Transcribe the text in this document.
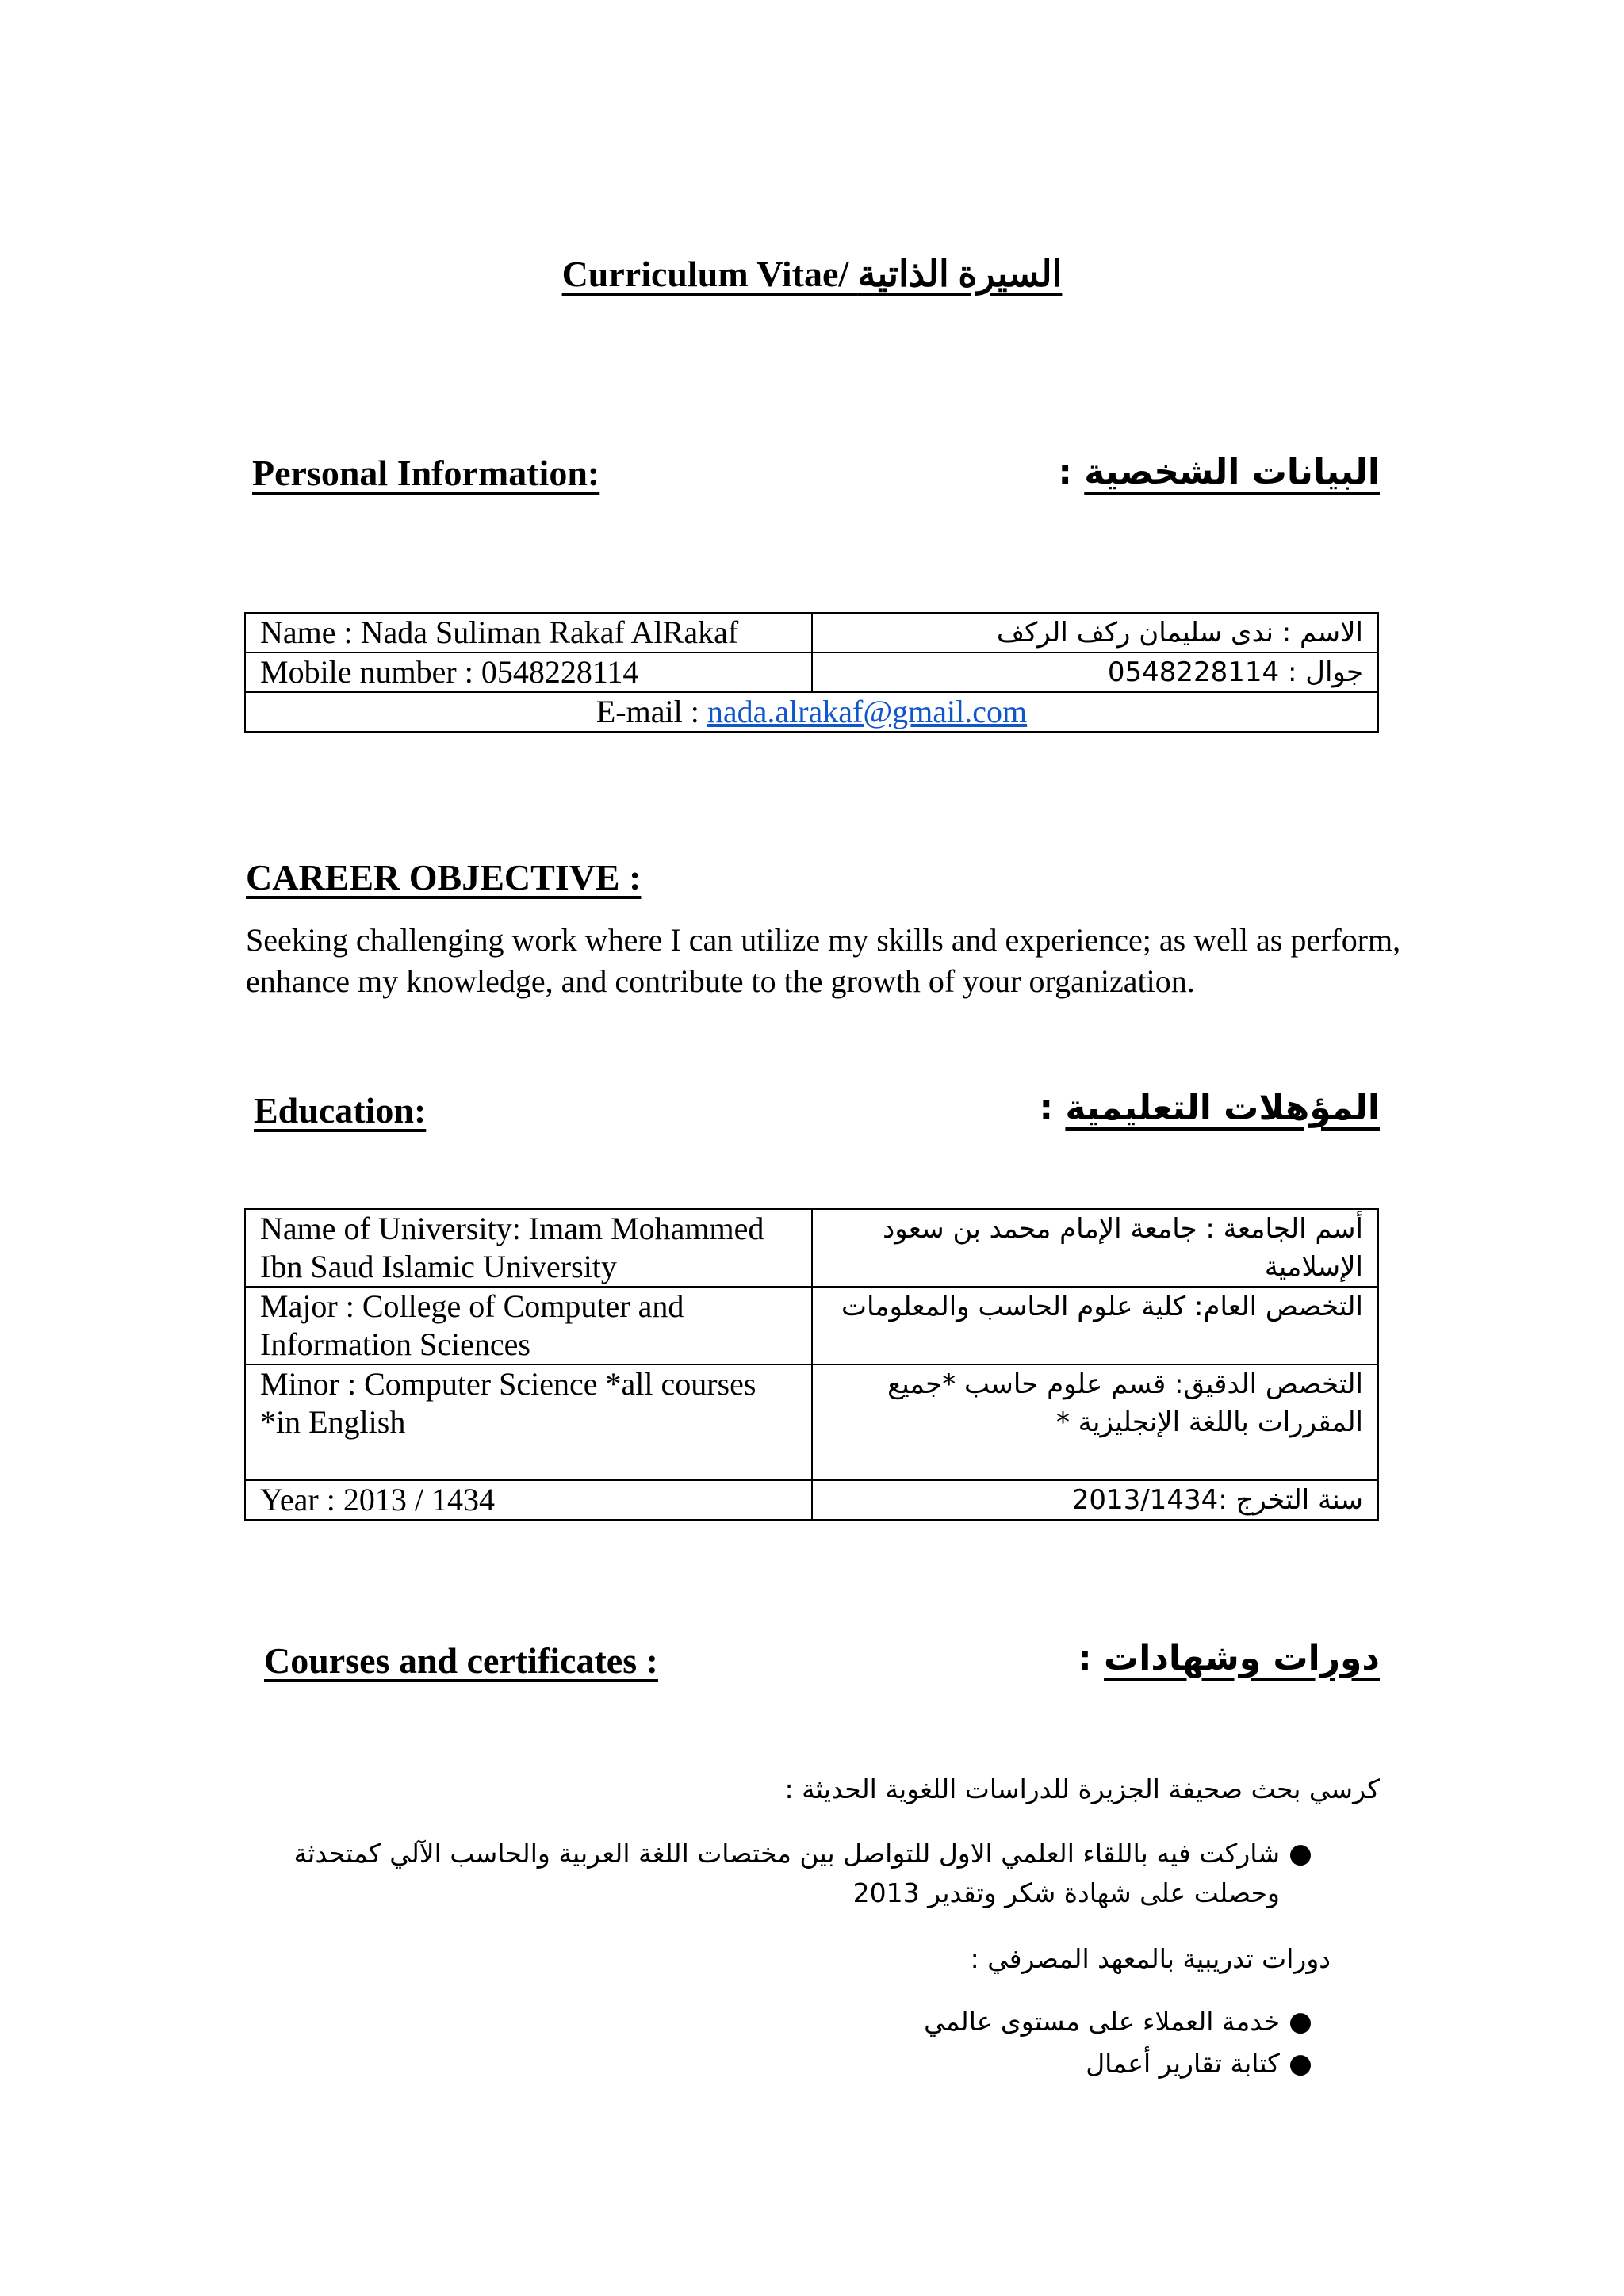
Curriculum Vitae/ السيرة الذاتية
Personal Information:	البيانات الشخصية :
Name : Nada Suliman Rakaf AlRakaf	الاسم : ندى سليمان ركف الركف
Mobile number : 0548228114	جوال : 0548228114
E-mail : nada.alrakaf@gmail.com	
CAREER OBJECTIVE :
Seeking challenging work where I can utilize my skills and experience; as well as perform, enhance my knowledge, and contribute to the growth of your organization.
Education:	المؤهلات التعليمية :
Name of University: Imam Mohammed Ibn Saud Islamic University	أسم الجامعة : جامعة الإمام محمد بن سعود الإسلامية
Major : College of Computer and Information Sciences	التخصص العام: كلية علوم الحاسب والمعلومات
Minor : Computer Science *all courses *in English	التخصص الدقيق: قسم علوم حاسب *جميع المقررات باللغة الإنجليزية *
Year : 2013 / 1434	سنة التخرج :2013/1434
Courses and certificates :	دورات وشهادات :
كرسي بحث صحيفة الجزيرة للدراسات اللغوية الحديثة :
●
شاركت فيه باللقاء العلمي الاول للتواصل بين مختصات اللغة العربية والحاسب الآلي كمتحدثة وحصلت على شهادة شكر وتقدير 2013
دورات تدريبية بالمعهد المصرفي :
●
خدمة العملاء على مستوى عالمي
●
كتابة تقارير أعمال
